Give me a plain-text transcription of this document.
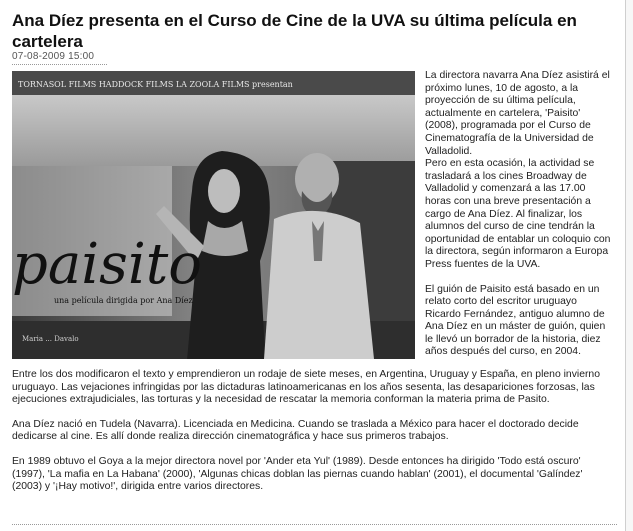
Ana Díez presenta en el Curso de Cine de la UVA su última película en cartelera
07-08-2009 15:00
TORNASOL FILMS HADDOCK FILMS LA ZOOLA FILMS presentan
paisito
una película dirigida por Ana Díez
Maria ... Davalo

La directora navarra Ana Díez asistirá el próximo lunes, 10 de agosto, a la proyección de su última película, actualmente en cartelera, 'Paisito' (2008), programada por el Curso de Cinematografía de la Universidad de Valladolid.
Pero en esta ocasión, la actividad se trasladará a los cines Broadway de Valladolid y comenzará a las 17.00 horas con una breve presentación a cargo de Ana Díez. Al finalizar, los alumnos del curso de cine tendrán la oportunidad de entablar un coloquio con la directora, según informaron a Europa Press fuentes de la UVA.

El guión de Paisito está basado en un relato corto del escritor uruguayo Ricardo Fernández, antiguo alumno de Ana Díez en un máster de guión, quien le llevó un borrador de la historia, diez años después del curso, en 2004.

Entre los dos modificaron el texto y emprendieron un rodaje de siete meses, en Argentina, Uruguay y España, en pleno invierno uruguayo. Las vejaciones infringidas por las dictaduras latinoamericanas en los años sesenta, las desapariciones forzosas, las ejecuciones extrajudiciales, las torturas y la necesidad de rescatar la memoria conforman la materia prima de Pasito.

Ana Díez nació en Tudela (Navarra). Licenciada en Medicina. Cuando se traslada a México para hacer el doctorado decide dedicarse al cine. Es allí donde realiza dirección cinematográfica y hace sus primeros trabajos.

En 1989 obtuvo el Goya a la mejor directora novel por 'Ander eta Yul' (1989). Desde entonces ha dirigido 'Todo está oscuro' (1997), 'La mafia en La Habana' (2000), 'Algunas chicas doblan las piernas cuando hablan' (2001), el documental 'Galíndez' (2003) y '¡Hay motivo!', dirigida entre varios directores.
